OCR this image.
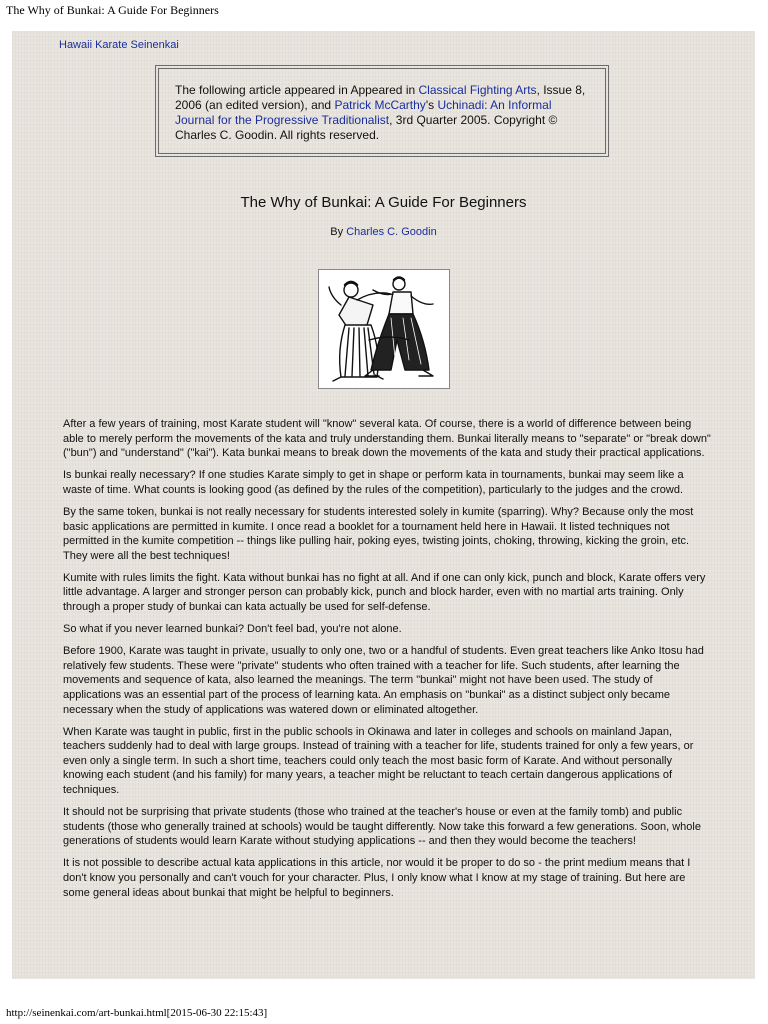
The Why of Bunkai: A Guide For Beginners
Hawaii Karate Seinenkai
The following article appeared in Appeared in Classical Fighting Arts, Issue 8, 2006 (an edited version), and Patrick McCarthy's Uchinadi: An Informal Journal for the Progressive Traditionalist, 3rd Quarter 2005. Copyright © Charles C. Goodin. All rights reserved.
The Why of Bunkai: A Guide For Beginners
By Charles C. Goodin

After a few years of training, most Karate student will "know" several kata. Of course, there is a world of difference between being able to merely perform the movements of the kata and truly understanding them. Bunkai literally means to "separate" or "break down" ("bun") and "understand" ("kai"). Kata bunkai means to break down the movements of the kata and study their practical applications.

Is bunkai really necessary? If one studies Karate simply to get in shape or perform kata in tournaments, bunkai may seem like a waste of time. What counts is looking good (as defined by the rules of the competition), particularly to the judges and the crowd.

By the same token, bunkai is not really necessary for students interested solely in kumite (sparring). Why? Because only the most basic applications are permitted in kumite. I once read a booklet for a tournament held here in Hawaii. It listed techniques not permitted in the kumite competition -- things like pulling hair, poking eyes, twisting joints, choking, throwing, kicking the groin, etc. They were all the best techniques!

Kumite with rules limits the fight. Kata without bunkai has no fight at all. And if one can only kick, punch and block, Karate offers very little advantage. A larger and stronger person can probably kick, punch and block harder, even with no martial arts training. Only through a proper study of bunkai can kata actually be used for self-defense.

So what if you never learned bunkai? Don't feel bad, you're not alone.

Before 1900, Karate was taught in private, usually to only one, two or a handful of students. Even great teachers like Anko Itosu had relatively few students. These were "private" students who often trained with a teacher for life. Such students, after learning the movements and sequence of kata, also learned the meanings. The term "bunkai" might not have been used. The study of applications was an essential part of the process of learning kata. An emphasis on "bunkai" as a distinct subject only became necessary when the study of applications was watered down or eliminated altogether.

When Karate was taught in public, first in the public schools in Okinawa and later in colleges and schools on mainland Japan, teachers suddenly had to deal with large groups. Instead of training with a teacher for life, students trained for only a few years, or even only a single term. In such a short time, teachers could only teach the most basic form of Karate. And without personally knowing each student (and his family) for many years, a teacher might be reluctant to teach certain dangerous applications of techniques.

It should not be surprising that private students (those who trained at the teacher's house or even at the family tomb) and public students (those who generally trained at schools) would be taught differently. Now take this forward a few generations. Soon, whole generations of students would learn Karate without studying applications -- and then they would become the teachers!

It is not possible to describe actual kata applications in this article, nor would it be proper to do so - the print medium means that I don't know you personally and can't vouch for your character. Plus, I only know what I know at my stage of training. But here are some general ideas about bunkai that might be helpful to beginners.

http://seinenkai.com/art-bunkai.html[2015-06-30 22:15:43]
